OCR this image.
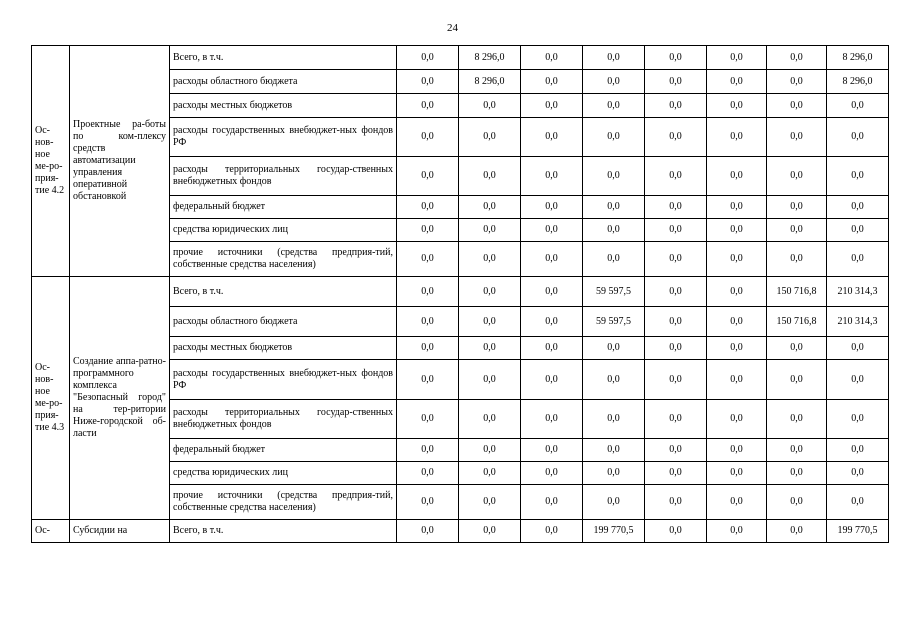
24
Ос-нов-ное ме-ро-прия-тие 4.2	Проектные ра-боты по ком-плексу средств автоматизации управления оперативной обстановкой	Всего, в т.ч.	0,0	8 296,0	0,0	0,0	0,0	0,0	0,0	8 296,0
		расходы областного бюджета	0,0	8 296,0	0,0	0,0	0,0	0,0	0,0	8 296,0
		расходы местных бюджетов	0,0	0,0	0,0	0,0	0,0	0,0	0,0	0,0
		расходы государственных внебюджет-ных фондов РФ	0,0	0,0	0,0	0,0	0,0	0,0	0,0	0,0
		расходы территориальных государ-ственных внебюджетных фондов	0,0	0,0	0,0	0,0	0,0	0,0	0,0	0,0
		федеральный бюджет	0,0	0,0	0,0	0,0	0,0	0,0	0,0	0,0
		средства юридических лиц	0,0	0,0	0,0	0,0	0,0	0,0	0,0	0,0
		прочие источники (средства предприя-тий, собственные средства населения)	0,0	0,0	0,0	0,0	0,0	0,0	0,0	0,0
Ос-нов-ное ме-ро-прия-тие 4.3	Создание аппа-ратно-программного комплекса "Безопасный город" на тер-ритории Ниже-городской об-ласти	Всего, в т.ч.	0,0	0,0	0,0	59 597,5	0,0	0,0	150 716,8	210 314,3
		расходы областного бюджета	0,0	0,0	0,0	59 597,5	0,0	0,0	150 716,8	210 314,3
		расходы местных бюджетов	0,0	0,0	0,0	0,0	0,0	0,0	0,0	0,0
		расходы государственных внебюджет-ных фондов РФ	0,0	0,0	0,0	0,0	0,0	0,0	0,0	0,0
		расходы территориальных государ-ственных внебюджетных фондов	0,0	0,0	0,0	0,0	0,0	0,0	0,0	0,0
		федеральный бюджет	0,0	0,0	0,0	0,0	0,0	0,0	0,0	0,0
		средства юридических лиц	0,0	0,0	0,0	0,0	0,0	0,0	0,0	0,0
		прочие источники (средства предприя-тий, собственные средства населения)	0,0	0,0	0,0	0,0	0,0	0,0	0,0	0,0
Ос-	Субсидии на	Всего, в т.ч.	0,0	0,0	0,0	199 770,5	0,0	0,0	0,0	199 770,5
